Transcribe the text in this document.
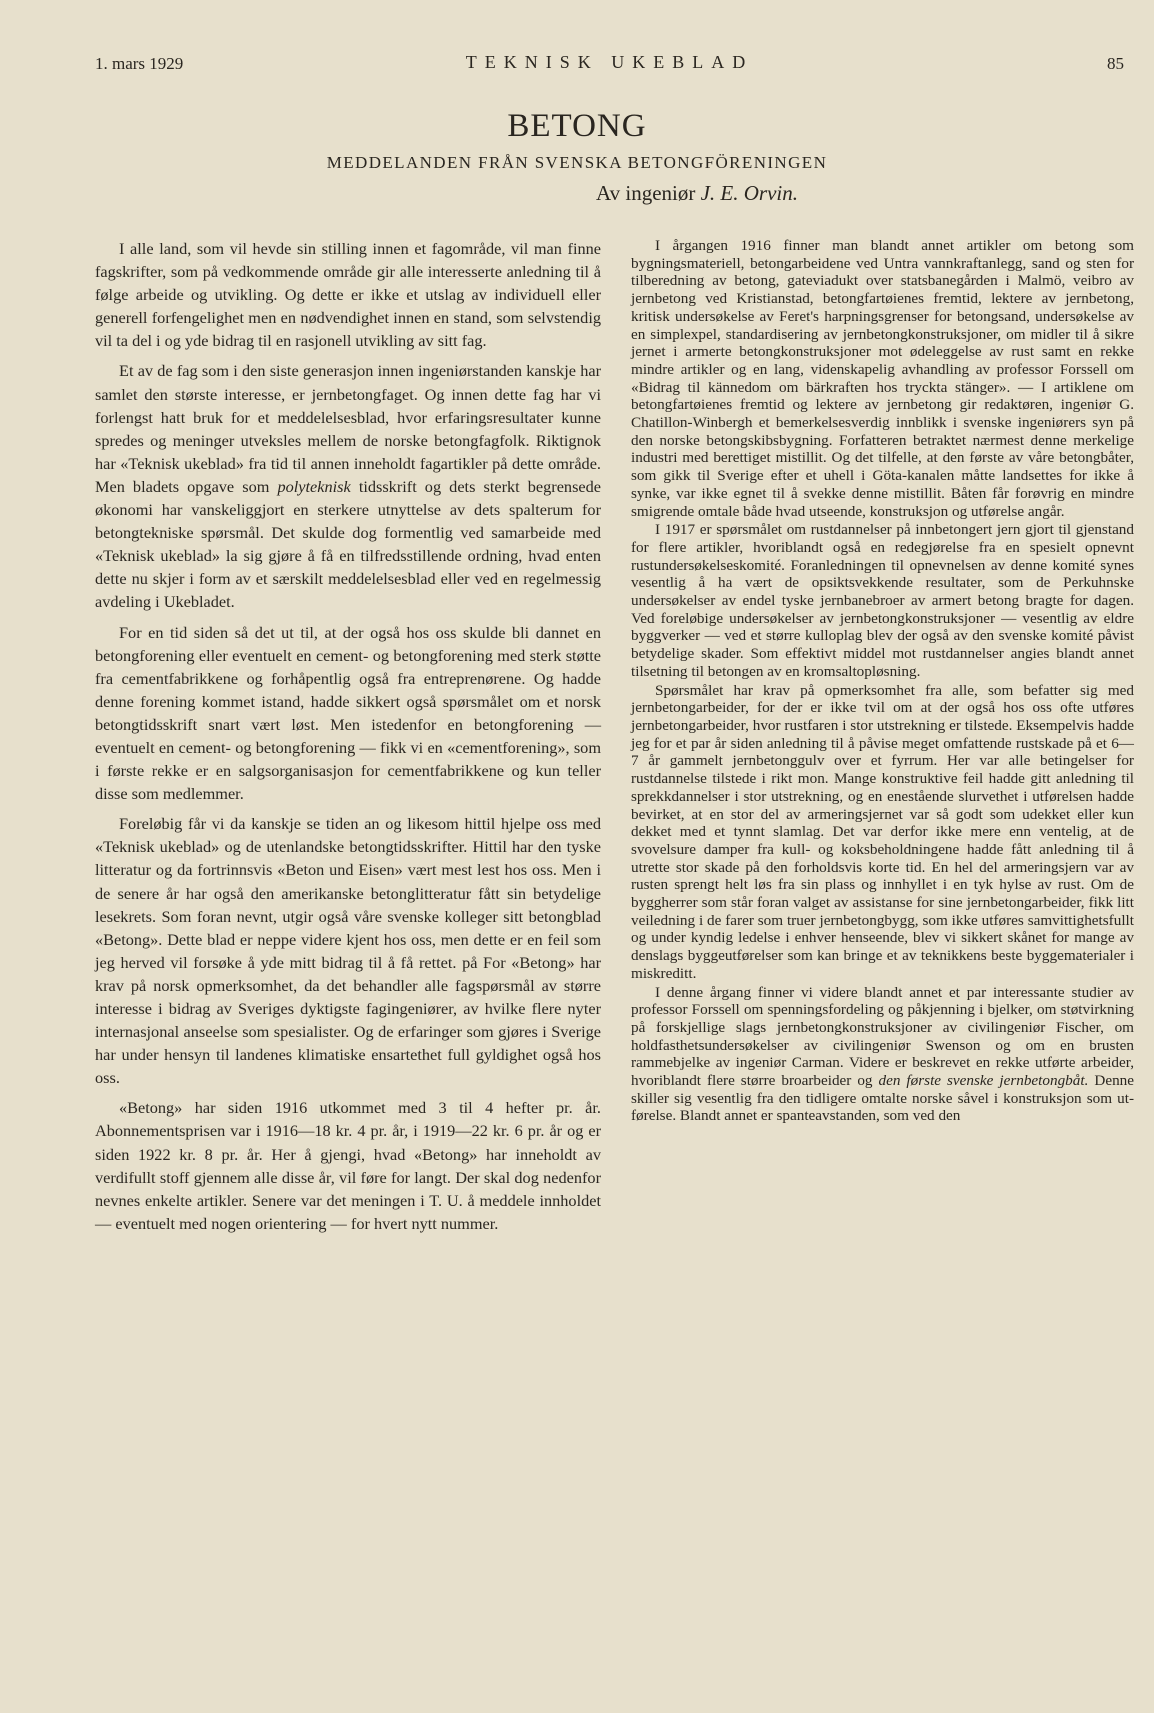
1. mars 1929	TEKNISK UKEBLAD	85
BETONG
MEDDELANDEN FRÅN SVENSKA BETONGFÖRENINGEN
Av ingeniør J. E. Orvin.

I alle land, som vil hevde sin stilling innen et fagområde, vil man finne fagskrifter, som på vedkommende område gir alle interesserte anledning til å følge arbeide og utvikling. Og dette er ikke et utslag av individuell eller generell forfengelighet men en nødvendighet innen en stand, som selvstendig vil ta del i og yde bidrag til en rasjonell utvikling av sitt fag.

Et av de fag som i den siste generasjon innen ingeniørstanden kanskje har samlet den største interesse, er jernbetongfaget. Og innen dette fag har vi forlengst hatt bruk for et meddelelsesblad, hvor erfaringsresultater kunne spredes og meninger utveksles mellem de norske betongfagfolk. Riktignok har «Teknisk ukeblad» fra tid til annen inneholdt fagartikler på dette område. Men bladets opgave som polyteknisk tidsskrift og dets sterkt begrensede økonomi har vanskeliggjort en sterkere utnyttelse av dets spalterum for betongtekniske spørsmål. Det skulde dog formentlig ved samarbeide med «Teknisk ukeblad» la sig gjøre å få en tilfredsstillende ordning, hvad enten dette nu skjer i form av et særskilt meddelelsesblad eller ved en regelmessig avdeling i Ukebladet.

For en tid siden så det ut til, at der også hos oss skulde bli dannet en betongforening eller eventuelt en cement- og betongforening med sterk støtte fra cementfabrikkene og forhåpentlig også fra entreprenørene. Og hadde denne forening kommet istand, hadde sikkert også spørsmålet om et norsk betongtidsskrift snart vært løst. Men istedenfor en betongforening — eventuelt en cement- og betongforening — fikk vi en «cementforening», som i første rekke er en salgsorganisasjon for cementfabrikkene og kun teller disse som medlemmer.

Foreløbig får vi da kanskje se tiden an og likesom hittil hjelpe oss med «Teknisk ukeblad» og de utenlandske betongtidsskrifter. Hittil har den tyske litteratur og da fortrinnsvis «Beton und Eisen» vært mest lest hos oss. Men i de senere år har også den amerikanske betonglitteratur fått sin betydelige lesekrets. Som foran nevnt, utgir også våre svenske kolleger sitt betongblad «Betong». Dette blad er neppe videre kjent hos oss, men dette er en feil som jeg herved vil forsøke å yde mitt bidrag til å få rettet. på For «Betong» har krav på norsk opmerksomhet, da det behandler alle fagspørsmål av større interesse i bidrag av Sveriges dyktigste fagingeniører, av hvilke flere nyter internasjonal anseelse som spesialister. Og de erfaringer som gjøres i Sverige har under hensyn til landenes klimatiske ensartethet full gyldighet også hos oss.

«Betong» har siden 1916 utkommet med 3 til 4 hefter pr. år. Abonnementsprisen var i 1916—18 kr. 4 pr. år, i 1919—22 kr. 6 pr. år og er siden 1922 kr. 8 pr. år. Her å gjengi, hvad «Betong» har inneholdt av verdifullt stoff gjennem alle disse år, vil føre for langt. Der skal dog nedenfor nevnes enkelte artikler. Senere var det meningen i T. U. å meddele innholdet — eventuelt med nogen orientering — for hvert nytt nummer.

I årgangen 1916 finner man blandt annet artikler om betong som bygningsmateriell, betongarbeidene ved Untra vannkraftanlegg, sand og sten for tilberedning av betong, gateviadukt over statsbanegården i Malmö, veibro av jernbetong ved Kristianstad, betongfartøienes fremtid, lektere av jernbetong, kritisk undersøkelse av Feret's harpningsgrenser for betongsand, undersøkelse av en simplexpel, standardisering av jernbetongkonstruksjoner, om midler til å sikre jernet i armerte betongkonstruksjoner mot ødeleggelse av rust samt en rekke mindre artikler og en lang, videnskapelig avhandling av professor Forssell om «Bidrag til kännedom om bärkraften hos tryckta stänger». — I artiklene om betongfartøienes fremtid og lektere av jernbetong gir redaktøren, ingeniør G. Chatillon-Winbergh et bemerkelsesverdig innblikk i svenske ingeniørers syn på den norske betongskibsbygning. Forfatteren betraktet nærmest denne merkelige industri med berettiget mistillit. Og det tilfelle, at den første av våre betongbåter, som gikk til Sverige efter et uhell i Göta-kanalen måtte landsettes for ikke å synke, var ikke egnet til å svekke denne mistillit. Båten får forøvrig en mindre smigrende omtale både hvad utseende, konstruksjon og utførelse angår.

I 1917 er spørsmålet om rustdannelser på innbetongert jern gjort til gjenstand for flere artikler, hvoriblandt også en redegjørelse fra en spesielt opnevnt rustundersøkelseskomité. Foranledningen til opnevnelsen av denne komité synes vesentlig å ha vært de opsiktsvekkende resultater, som de Perkuhnske undersøkelser av endel tyske jernbanebroer av armert betong bragte for dagen. Ved foreløbige undersøkelser av jernbetongkonstruksjoner — vesentlig av eldre byggverker — ved et større kulloplag blev der også av den svenske komité påvist betydelige skader. Som effektivt middel mot rustdannelser angies blandt annet tilsetning til betongen av en kromsaltopløsning.

Spørsmålet har krav på opmerksomhet fra alle, som befatter sig med jernbetongarbeider, for der er ikke tvil om at der også hos oss ofte utføres jernbetongarbeider, hvor rustfaren i stor utstrekning er tilstede. Eksempelvis hadde jeg for et par år siden anledning til å påvise meget omfattende rustskade på et 6—7 år gammelt jernbetonggulv over et fyrrum. Her var alle betingelser for rustdannelse tilstede i rikt mon. Mange konstruktive feil hadde gitt anledning til sprekkdannelser i stor utstrekning, og en enestående slurvethet i utførelsen hadde bevirket, at en stor del av armeringsjernet var så godt som udekket eller kun dekket med et tynnt slamlag. Det var derfor ikke mere enn ventelig, at de svovelsure damper fra kull- og koksbeholdningene hadde fått anledning til å utrette stor skade på den forholdsvis korte tid. En hel del armeringsjern var av rusten sprengt helt løs fra sin plass og innhyllet i en tyk hylse av rust. Om de byggherrer som står foran valget av assistanse for sine jernbetongarbeider, fikk litt veiledning i de farer som truer jernbetongbygg, som ikke utføres samvittighetsfullt og under kyndig ledelse i enhver henseende, blev vi sikkert skånet for mange av denslags byggeutførelser som kan bringe et av teknikkens beste byggematerialer i miskreditt.

I denne årgang finner vi videre blandt annet et par interessante studier av professor Forssell om spenningsfordeling og påkjenning i bjelker, om støtvirkning på forskjellige slags jernbetongkonstruksjoner av civilingeniør Fischer, om holdfasthetsundersøkelser av civilingeniør Swenson og om en brusten rammebjelke av ingeniør Carman. Videre er beskrevet en rekke utførte arbeider, hvoriblandt flere større broarbeider og den første svenske jernbetongbåt. Denne skiller sig vesentlig fra den tidligere omtalte norske såvel i konstruksjon som utførelse. Blandt annet er spanteavstanden, som ved den
